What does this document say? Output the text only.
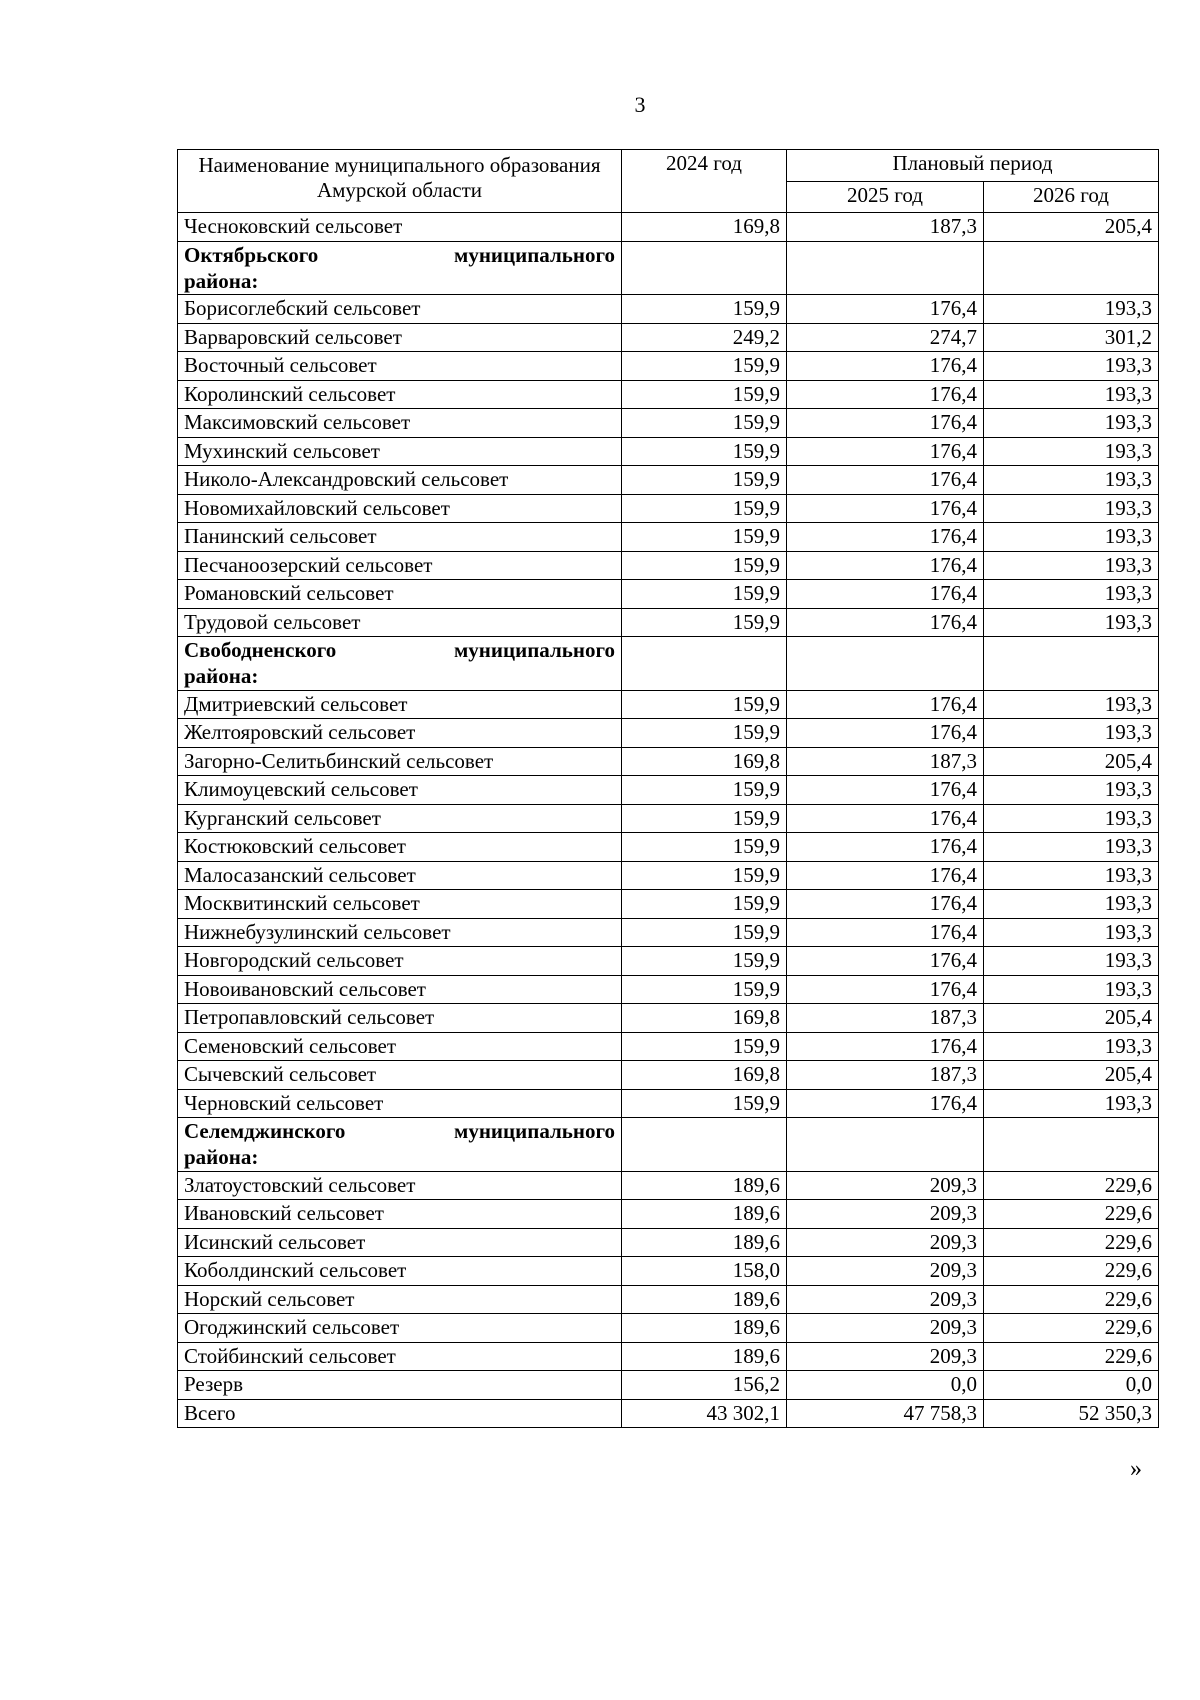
3
Наименование муниципального образования Амурской области	2024 год	Плановый период	
		2025 год	2026 год
Чесноковский сельсовет	169,8	187,3	205,4

Октябрьского муниципального
района:			
Борисоглебский сельсовет	159,9	176,4	193,3
Варваровский сельсовет	249,2	274,7	301,2
Восточный сельсовет	159,9	176,4	193,3
Королинский сельсовет	159,9	176,4	193,3
Максимовский сельсовет	159,9	176,4	193,3
Мухинский сельсовет	159,9	176,4	193,3
Николо-Александровский сельсовет	159,9	176,4	193,3
Новомихайловский сельсовет	159,9	176,4	193,3
Панинский сельсовет	159,9	176,4	193,3
Песчаноозерский сельсовет	159,9	176,4	193,3
Романовский сельсовет	159,9	176,4	193,3
Трудовой сельсовет	159,9	176,4	193,3

Свободненского муниципального
района:			
Дмитриевский сельсовет	159,9	176,4	193,3
Желтояровский сельсовет	159,9	176,4	193,3
Загорно-Селитьбинский сельсовет	169,8	187,3	205,4
Климоуцевский сельсовет	159,9	176,4	193,3
Курганский сельсовет	159,9	176,4	193,3
Костюковский сельсовет	159,9	176,4	193,3
Малосазанский сельсовет	159,9	176,4	193,3
Москвитинский сельсовет	159,9	176,4	193,3
Нижнебузулинский сельсовет	159,9	176,4	193,3
Новгородский сельсовет	159,9	176,4	193,3
Новоивановский сельсовет	159,9	176,4	193,3
Петропавловский сельсовет	169,8	187,3	205,4
Семеновский сельсовет	159,9	176,4	193,3
Сычевский сельсовет	169,8	187,3	205,4
Черновский сельсовет	159,9	176,4	193,3

Селемджинского муниципального
района:			
Златоустовский сельсовет	189,6	209,3	229,6
Ивановский сельсовет	189,6	209,3	229,6
Исинский сельсовет	189,6	209,3	229,6
Коболдинский сельсовет	158,0	209,3	229,6
Норский сельсовет	189,6	209,3	229,6
Огоджинский сельсовет	189,6	209,3	229,6
Стойбинский сельсовет	189,6	209,3	229,6
Резерв	156,2	0,0	0,0
Всего	43 302,1	47 758,3	52 350,3
»
